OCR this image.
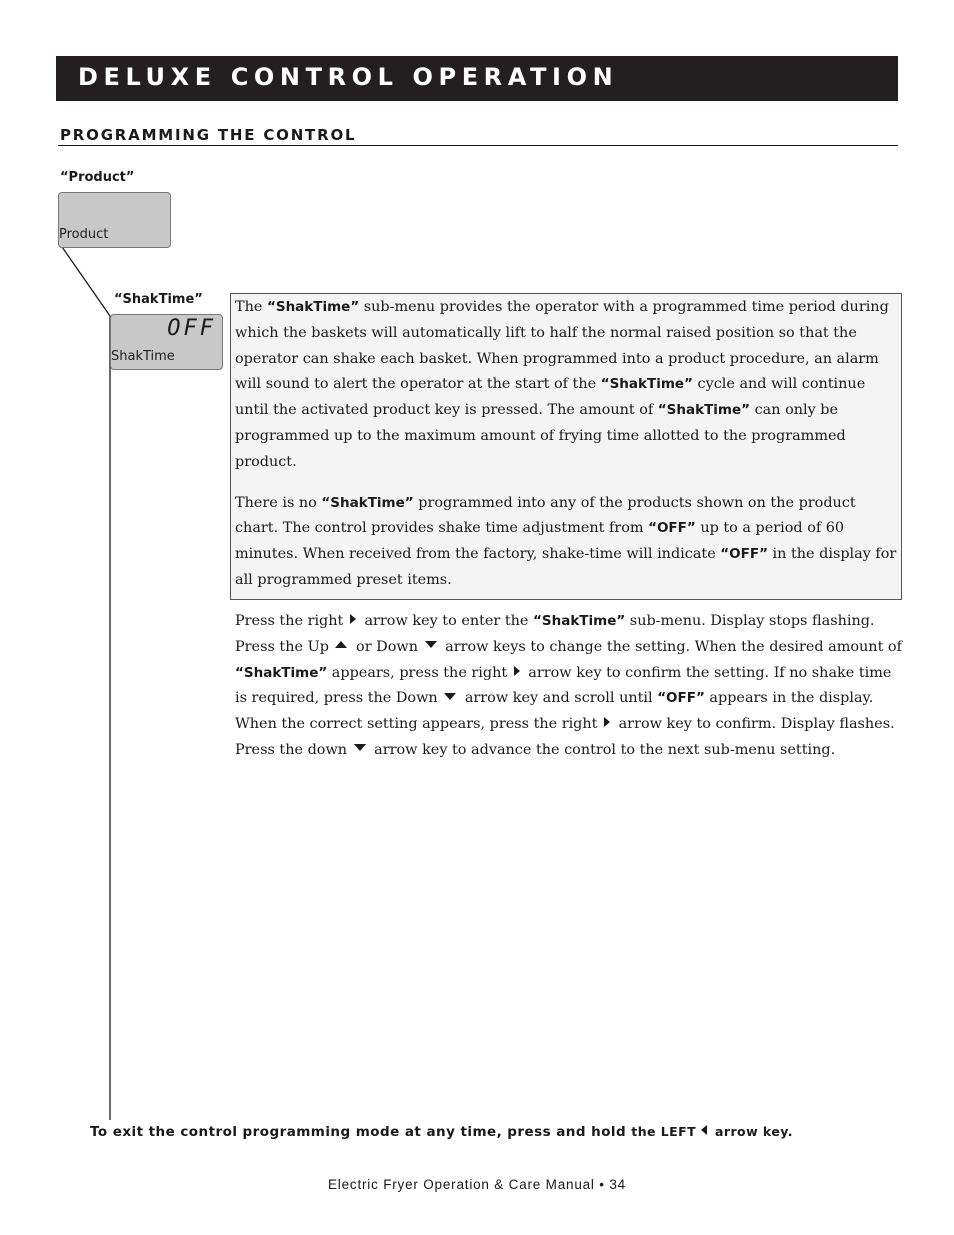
DELUXE CONTROL OPERATION
PROGRAMMING THE CONTROL
“Product”
Product
“ShakTime”
OFF
ShakTime

The “ShakTime” sub-menu provides the operator with a programmed time period during which the baskets will automatically lift to half the normal raised position so that the operator can shake each basket. When programmed into a product procedure, an alarm will sound to alert the operator at the start of the “ShakTime” cycle and will continue until the activated product key is pressed. The amount of “ShakTime” can only be programmed up to the maximum amount of frying time allotted to the programmed product.

There is no “ShakTime” programmed into any of the products shown on the product chart. The control provides shake time adjustment from “OFF” up to a period of 60 minutes. When received from the factory, shake-time will indicate “OFF” in the display for all programmed preset items.

Press the right  arrow key to enter the “ShakTime” sub-menu. Display stops flashing. Press the Up  or Down  arrow keys to change the setting. When the desired amount of “ShakTime” appears, press the right  arrow key to confirm the setting. If no shake time is required, press the Down  arrow key and scroll until “OFF” appears in the display. When the correct setting appears, press the right  arrow key to confirm. Display flashes. Press the down  arrow key to advance the control to the next sub-menu setting.

To exit the control programming mode at any time, press and hold the LEFT arrow key.
Electric Fryer Operation & Care Manual • 34
